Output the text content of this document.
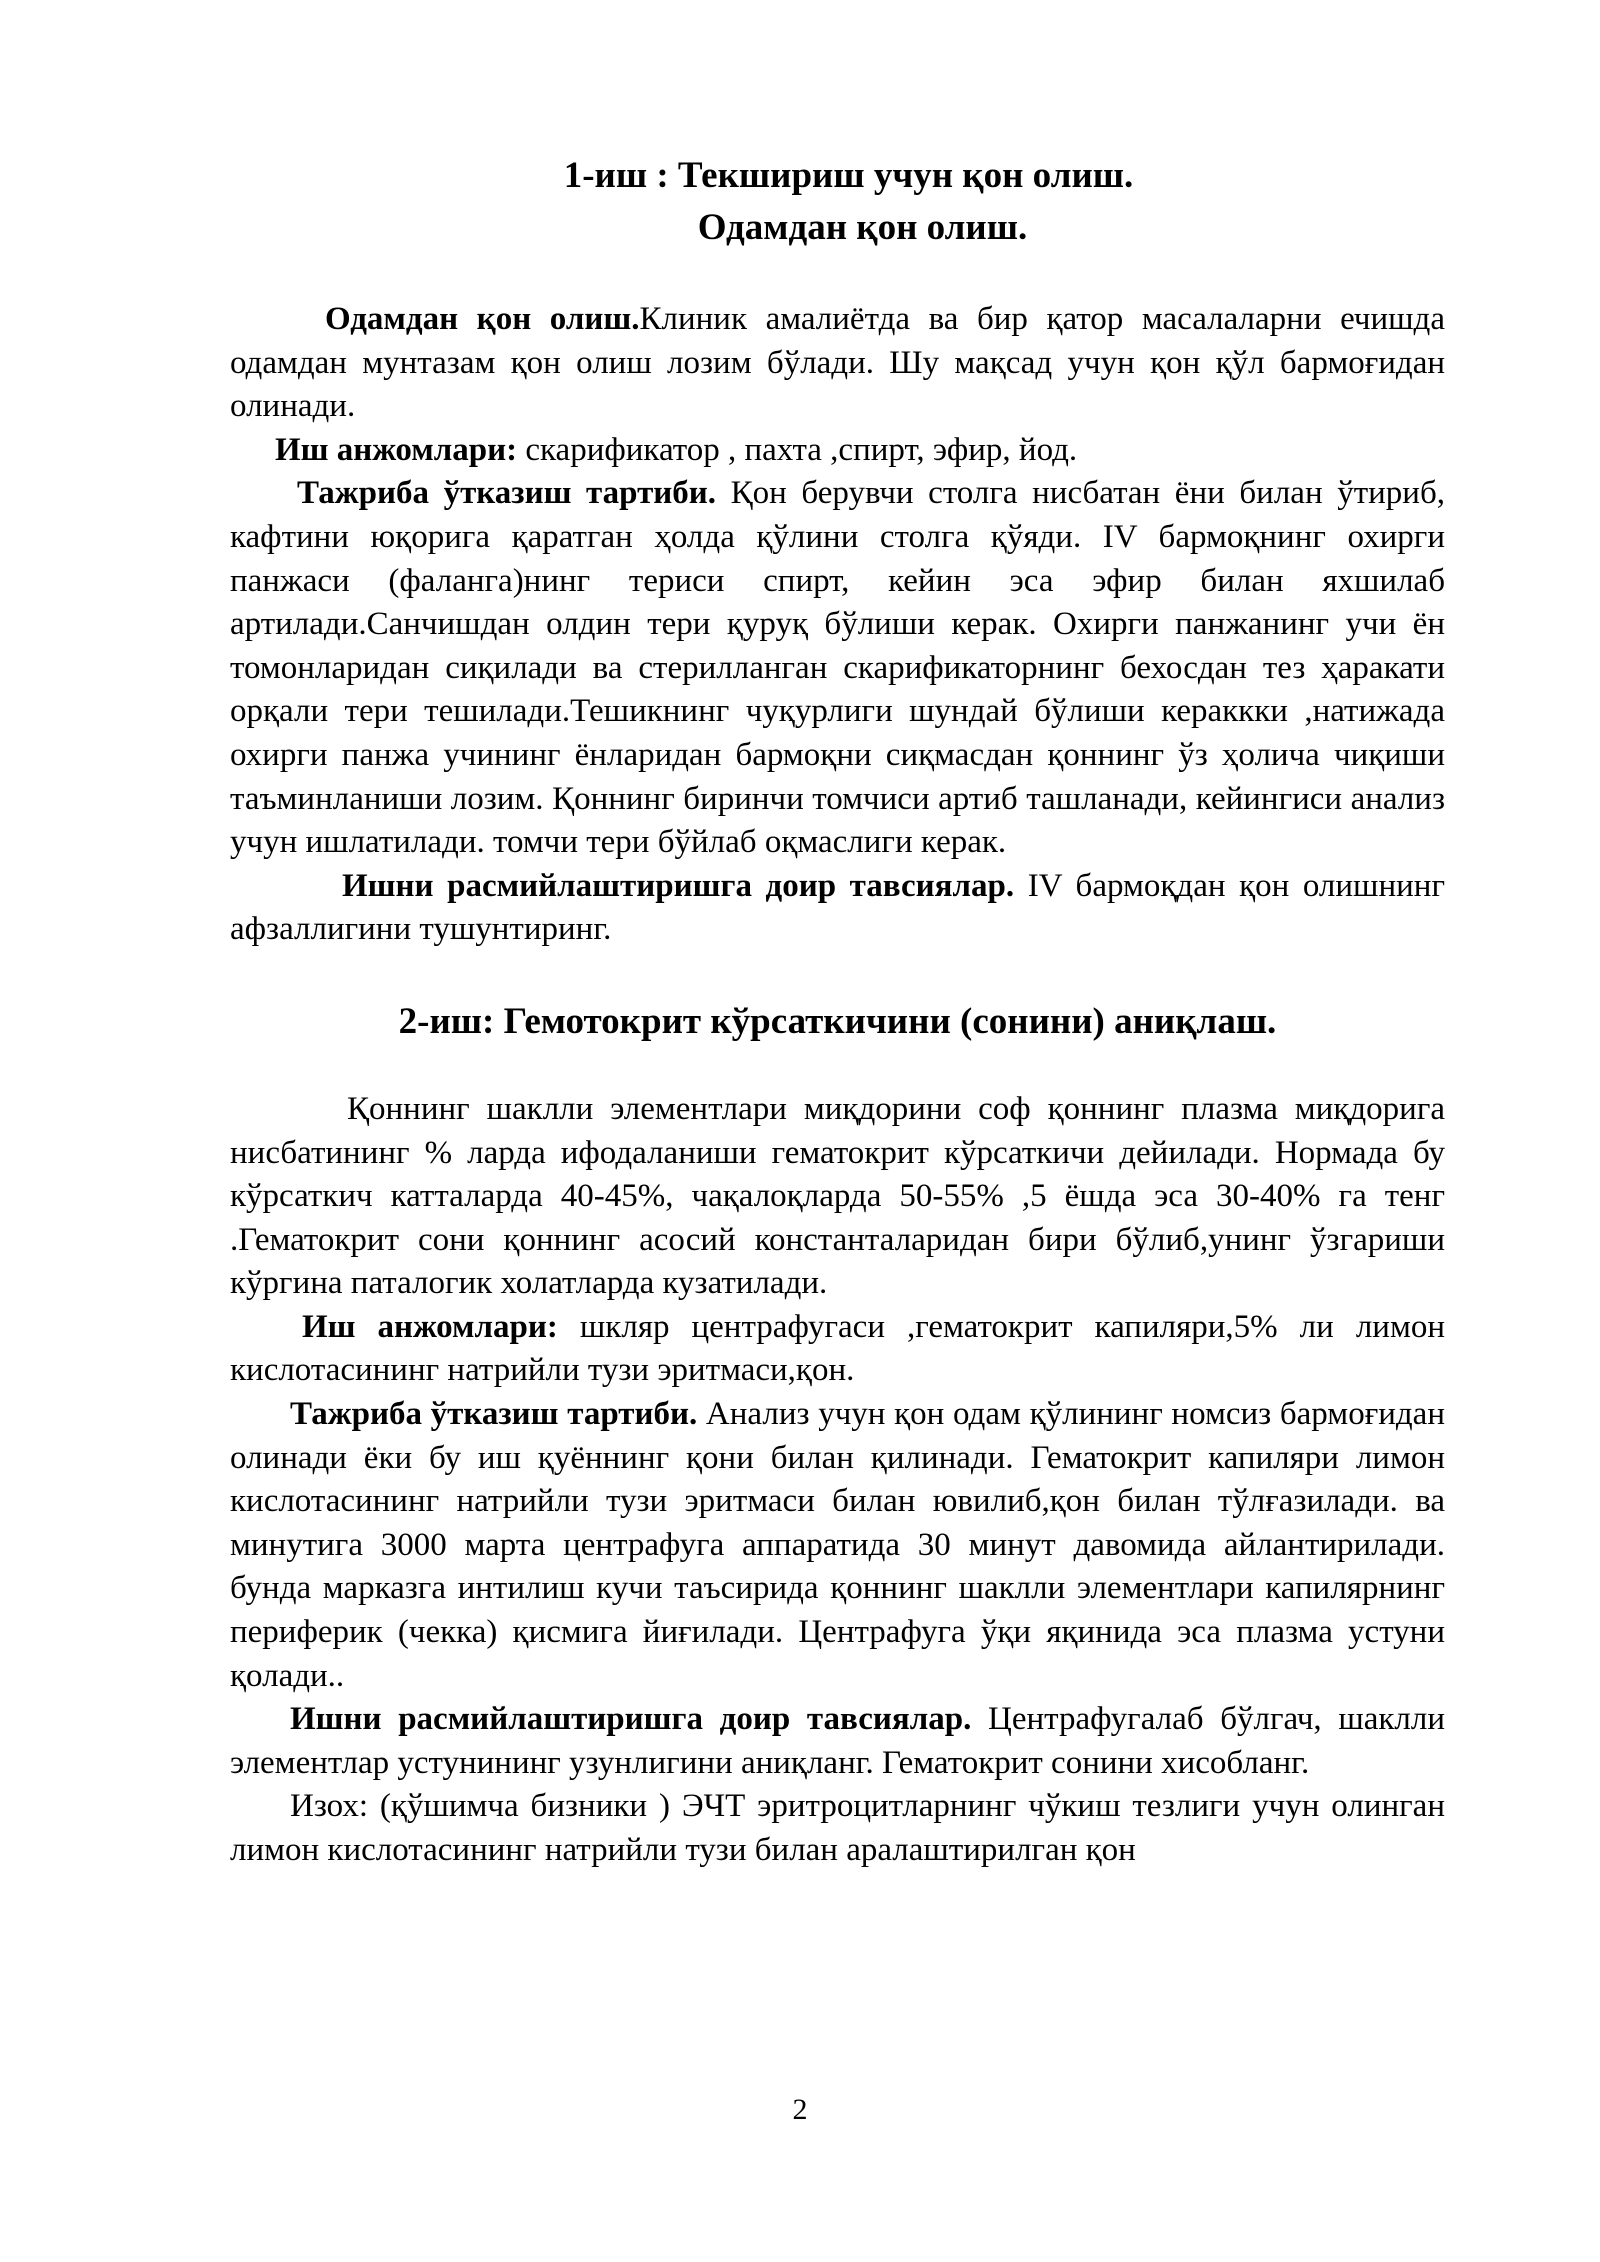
1-иш : Текшириш учун қон олиш.
Одамдан қон олиш.

Одамдан қон олиш.Клиник амалиётда ва бир қатор масалаларни ечишда одамдан мунтазам қон олиш лозим бўлади. Шу мақсад учун қон қўл бармоғидан олинади.

Иш анжомлари: скарификатор , пахта ,спирт, эфир, йод.

Тажриба ўтказиш тартиби. Қон берувчи столга нисбатан ёни билан ўтириб, кафтини юқорига қаратган ҳолда қўлини столга қўяди. IV бармоқнинг охирги панжаси (фаланга)нинг териси спирт, кейин эса эфир билан яхшилаб артилади.Санчишдан олдин тери қуруқ бўлиши керак. Охирги панжанинг учи ён томонларидан сиқилади ва стерилланган скарификаторнинг бехосдан тез ҳаракати орқали тери тешилади.Тешикнинг чуқурлиги шундай бўлиши кераккки ,натижада охирги панжа учининг ёнларидан бармоқни сиқмасдан қоннинг ўз ҳолича чиқиши таъминланиши лозим. Қоннинг биринчи томчиси артиб ташланади, кейингиси анализ учун ишлатилади. томчи тери бўйлаб оқмаслиги керак.

Ишни расмийлаштиришга доир тавсиялар. IV бармоқдан қон олишнинг афзаллигини тушунтиринг.

2-иш: Гемотокрит кўрсаткичини (сонини) аниқлаш.

Қоннинг шаклли элементлари миқдорини соф қоннинг плазма миқдорига нисбатининг % ларда ифодаланиши гематокрит кўрсаткичи дейилади. Нормада бу кўрсаткич катталарда 40-45%, чақалоқларда 50-55% ,5 ёшда эса 30-40% га тенг .Гематокрит сони қоннинг асосий константаларидан бири бўлиб,унинг ўзгариши кўргина паталогик холатларда кузатилади.

Иш анжомлари: шкляр центрафугаси ,гематокрит капиляри,5% ли лимон кислотасининг натрийли тузи эритмаси,қон.

Тажриба ўтказиш тартиби. Анализ учун қон одам қўлининг номсиз бармоғидан олинади ёки бу иш қуённинг қони билан қилинади. Гематокрит капиляри лимон кислотасининг натрийли тузи эритмаси билан ювилиб,қон билан тўлғазилади. ва минутига 3000 марта центрафуга аппаратида 30 минут давомида айлантирилади. бунда марказга интилиш кучи таъсирида қоннинг шаклли элементлари капилярнинг периферик (чекка) қисмига йиғилади. Центрафуга ўқи яқинида эса плазма устуни қолади..

Ишни расмийлаштиришга доир тавсиялар. Центрафугалаб бўлгач, шаклли элементлар устунининг узунлигини аниқланг. Гематокрит сонини хисобланг.

Изох: (қўшимча бизники ) ЭЧТ эритроцитларнинг чўкиш тезлиги учун олинган лимон кислотасининг натрийли тузи билан аралаштирилган қон

2
